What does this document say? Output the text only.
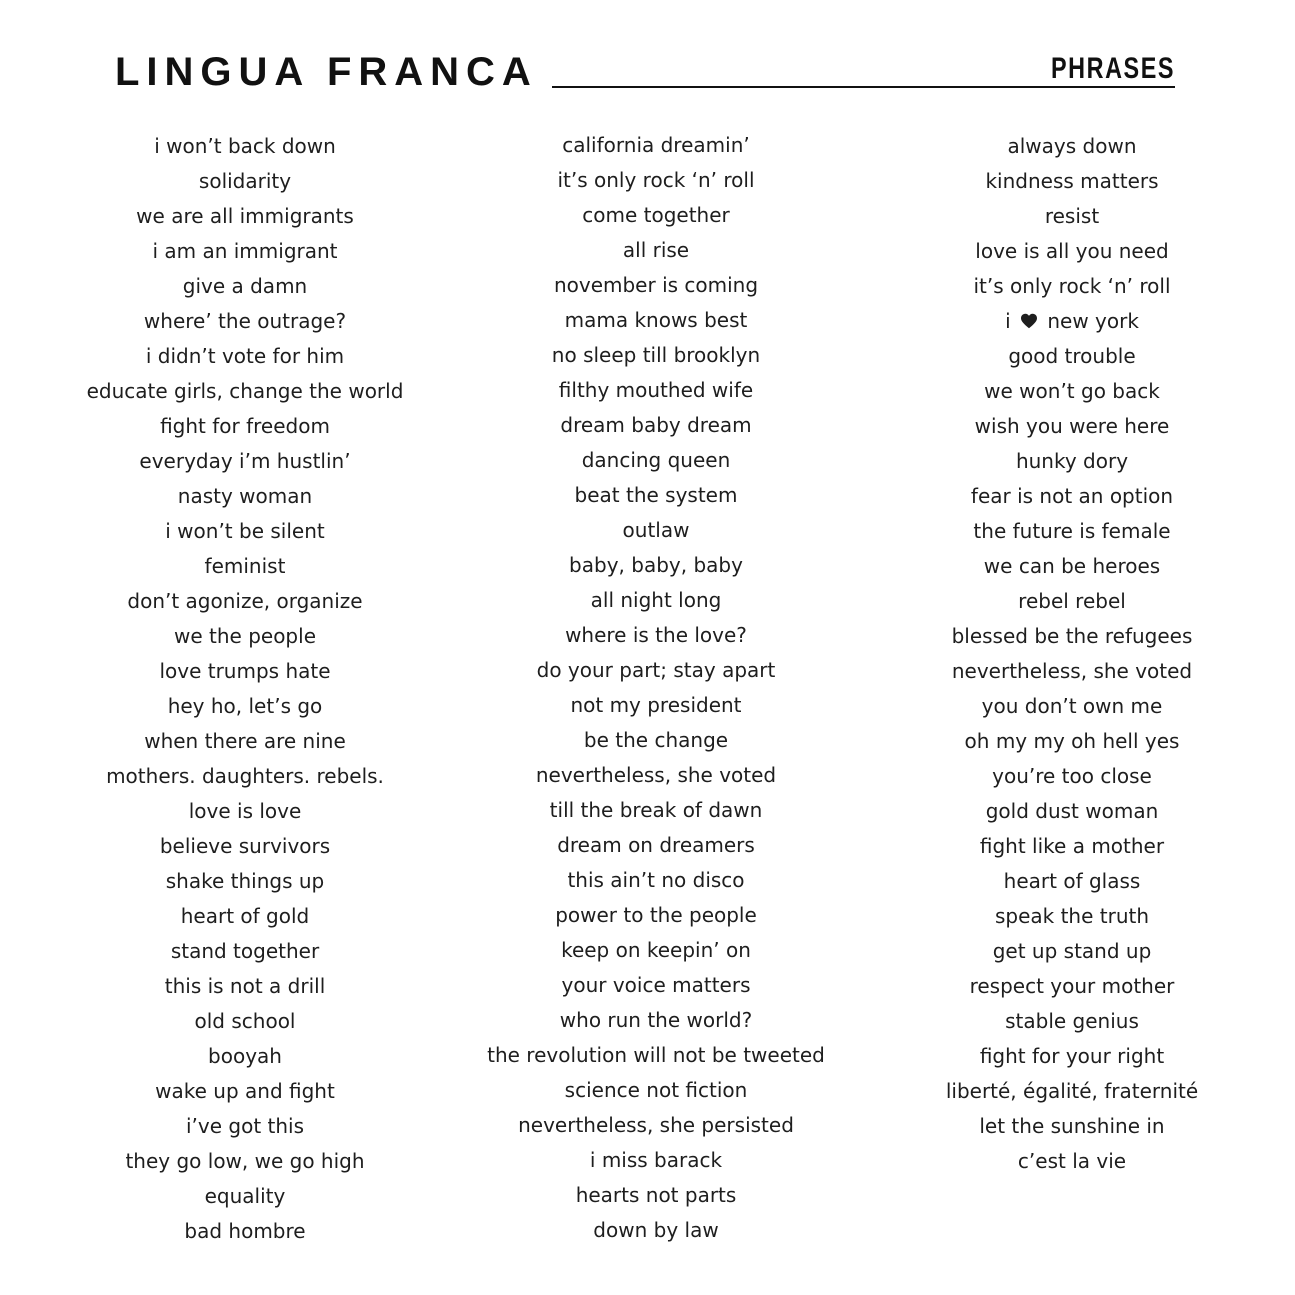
LINGUA FRANCA	PHRASES
i won’t back down
solidarity
we are all immigrants
i am an immigrant
give a damn
where’ the outrage?
i didn’t vote for him
educate girls, change the world
fight for freedom
everyday i’m hustlin’
nasty woman
i won’t be silent
feminist
don’t agonize, organize
we the people
love trumps hate
hey ho, let’s go
when there are nine
mothers. daughters. rebels.
love is love
believe survivors
shake things up
heart of gold
stand together
this is not a drill
old school
booyah
wake up and fight
i’ve got this
they go low, we go high
equality
bad hombre
california dreamin’
it’s only rock ‘n’ roll
come together
all rise
november is coming
mama knows best
no sleep till brooklyn
filthy mouthed wife
dream baby dream
dancing queen
beat the system
outlaw
baby, baby, baby
all night long
where is the love?
do your part; stay apart
not my president
be the change
nevertheless, she voted
till the break of dawn
dream on dreamers
this ain’t no disco
power to the people
keep on keepin’ on
your voice matters
who run the world?
the revolution will not be tweeted
science not fiction
nevertheless, she persisted
i miss barack
hearts not parts
down by law
always down
kindness matters
resist
love is all you need
it’s only rock ‘n’ roll
i  new york
good trouble
we won’t go back
wish you were here
hunky dory
fear is not an option
the future is female
we can be heroes
rebel rebel
blessed be the refugees
nevertheless, she voted
you don’t own me
oh my my oh hell yes
you’re too close
gold dust woman
fight like a mother
heart of glass
speak the truth
get up stand up
respect your mother
stable genius
fight for your right
liberté, égalité, fraternité
let the sunshine in
c’est la vie
